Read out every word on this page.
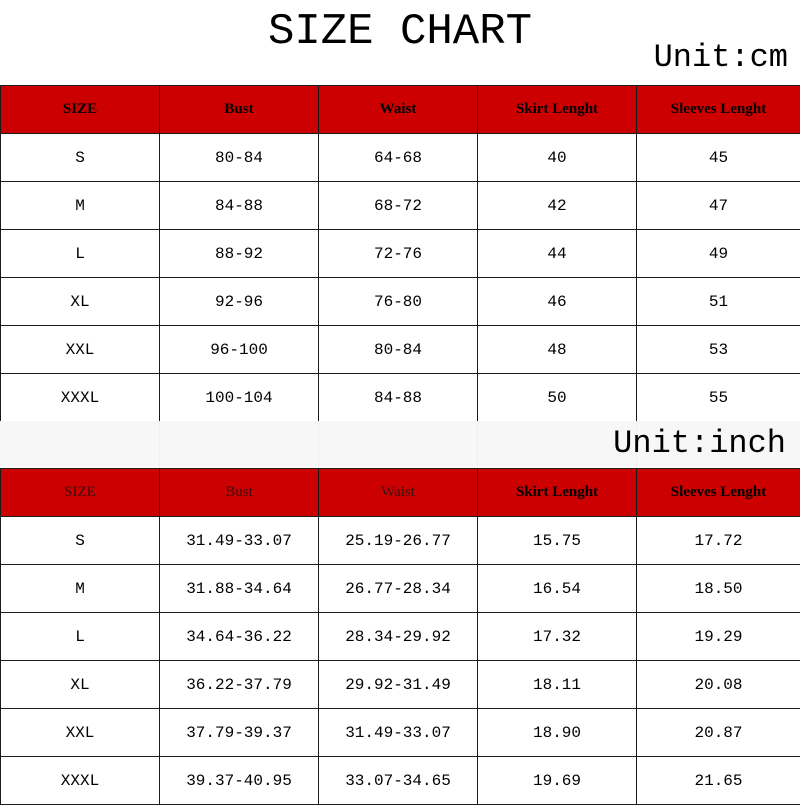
SIZE CHART
Unit:cm
SIZE	Bust	Waist	Skirt Lenght	Sleeves Lenght
S	80-84	64-68	40	45
M	84-88	68-72	42	47
L	88-92	72-76	44	49
XL	92-96	76-80	46	51
XXL	96-100	80-84	48	53
XXXL	100-104	84-88	50	55
Unit:inch
SIZE	Bust	Waist	Skirt Lenght	Sleeves Lenght
S	31.49-33.07	25.19-26.77	15.75	17.72
M	31.88-34.64	26.77-28.34	16.54	18.50
L	34.64-36.22	28.34-29.92	17.32	19.29
XL	36.22-37.79	29.92-31.49	18.11	20.08
XXL	37.79-39.37	31.49-33.07	18.90	20.87
XXXL	39.37-40.95	33.07-34.65	19.69	21.65
